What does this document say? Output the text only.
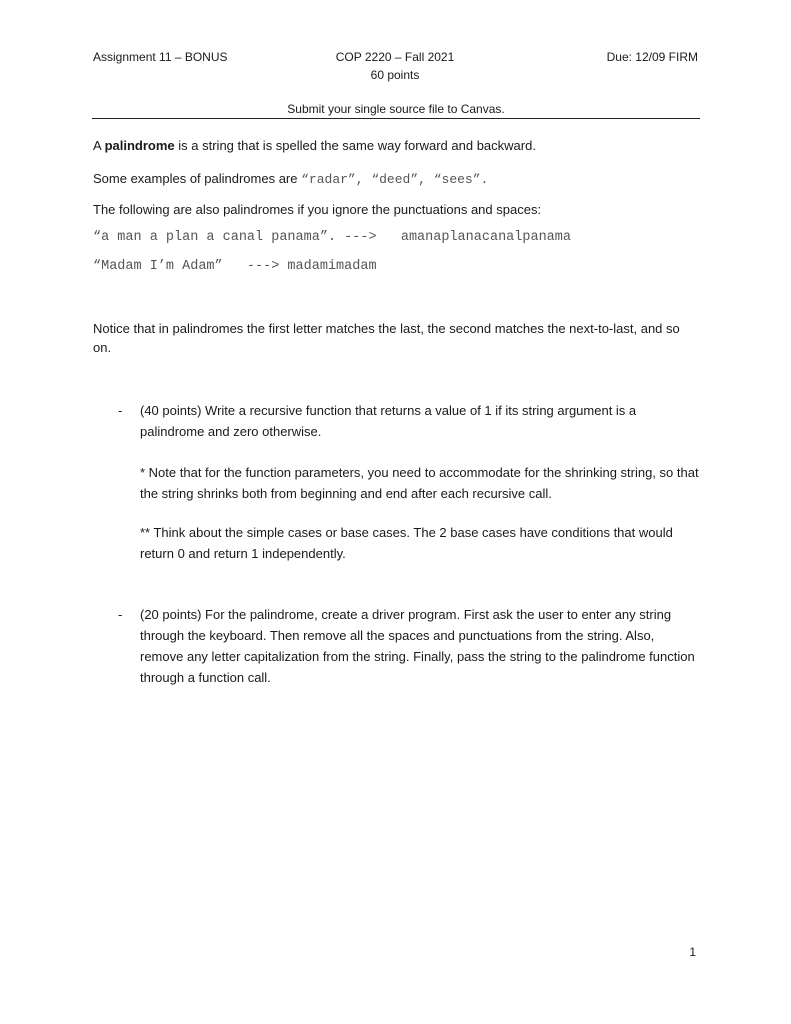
Assignment 11 – BONUS	COP 2220 – Fall 2021	Due: 12/09 FIRM
60 points
Submit your single source file to Canvas.
A palindrome is a string that is spelled the same way forward and backward.
Some examples of palindromes are “radar”, “deed”, “sees”.
The following are also palindromes if you ignore the punctuations and spaces:
“a man a plan a canal panama”. --->   amanaplanacanalpanama
“Madam I’m Adam”   ---> madamimadam
Notice that in palindromes the first letter matches the last, the second matches the next-to-last, and so on.
- (40 points) Write a recursive function that returns a value of 1 if its string argument is a palindrome and zero otherwise.
* Note that for the function parameters, you need to accommodate for the shrinking string, so that the string shrinks both from beginning and end after each recursive call.
** Think about the simple cases or base cases. The 2 base cases have conditions that would return 0 and return 1 independently.
- (20 points) For the palindrome, create a driver program. First ask the user to enter any string through the keyboard. Then remove all the spaces and punctuations from the string. Also, remove any letter capitalization from the string. Finally, pass the string to the palindrome function through a function call.
1
